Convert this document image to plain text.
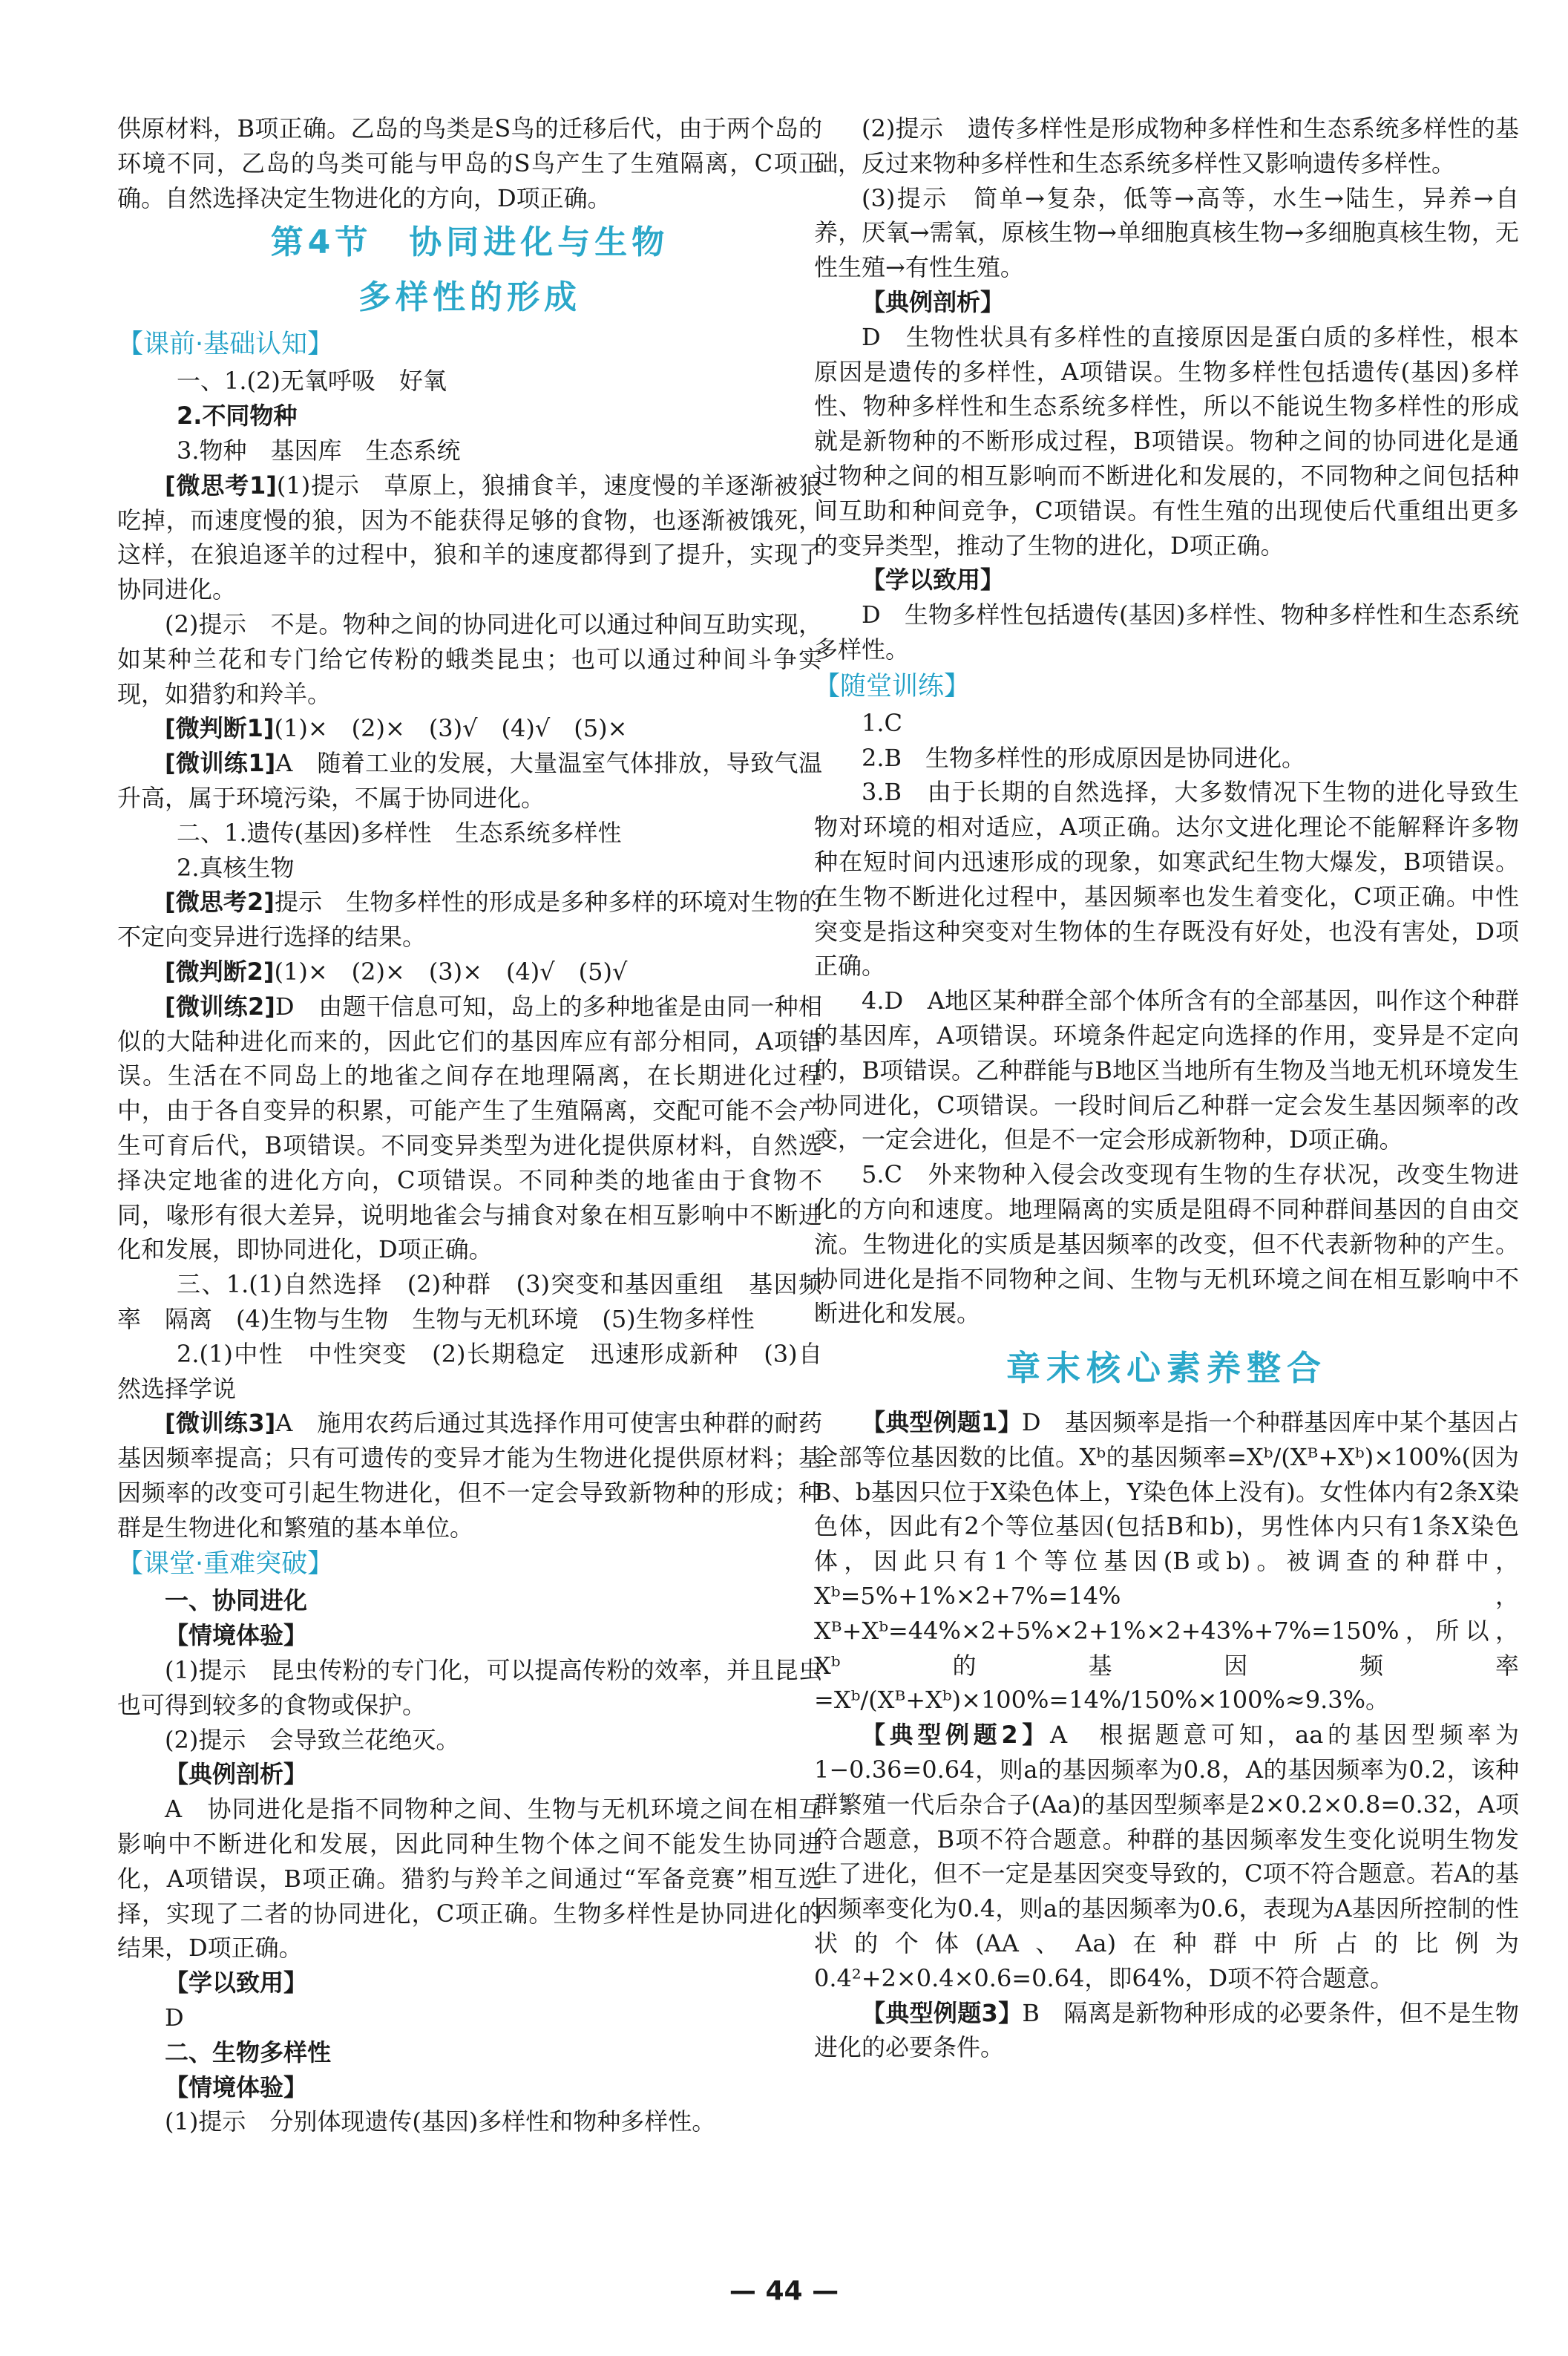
供原材料，B项正确。乙岛的鸟类是S鸟的迁移后代，由于两个岛的环境不同，乙岛的鸟类可能与甲岛的S鸟产生了生殖隔离，C项正确。自然选择决定生物进化的方向，D项正确。

第4节　协同进化与生物
多样性的形成
【课前·基础认知】

一、1.(2)无氧呼吸　好氧

2.不同物种

3.物种　基因库　生态系统

[微思考1](1)提示　草原上，狼捕食羊，速度慢的羊逐渐被狼吃掉，而速度慢的狼，因为不能获得足够的食物，也逐渐被饿死，这样，在狼追逐羊的过程中，狼和羊的速度都得到了提升，实现了协同进化。

(2)提示　不是。物种之间的协同进化可以通过种间互助实现，如某种兰花和专门给它传粉的蛾类昆虫；也可以通过种间斗争实现，如猎豹和羚羊。

[微判断1](1)×　(2)×　(3)√　(4)√　(5)×

[微训练1]A　随着工业的发展，大量温室气体排放，导致气温升高，属于环境污染，不属于协同进化。

二、1.遗传(基因)多样性　生态系统多样性

2.真核生物

[微思考2]提示　生物多样性的形成是多种多样的环境对生物的不定向变异进行选择的结果。

[微判断2](1)×　(2)×　(3)×　(4)√　(5)√

[微训练2]D　由题干信息可知，岛上的多种地雀是由同一种相似的大陆种进化而来的，因此它们的基因库应有部分相同，A项错误。生活在不同岛上的地雀之间存在地理隔离，在长期进化过程中，由于各自变异的积累，可能产生了生殖隔离，交配可能不会产生可育后代，B项错误。不同变异类型为进化提供原材料，自然选择决定地雀的进化方向，C项错误。不同种类的地雀由于食物不同，喙形有很大差异，说明地雀会与捕食对象在相互影响中不断进化和发展，即协同进化，D项正确。

三、1.(1)自然选择　(2)种群　(3)突变和基因重组　基因频率　隔离　(4)生物与生物　生物与无机环境　(5)生物多样性

2.(1)中性　中性突变　(2)长期稳定　迅速形成新种　(3)自然选择学说

[微训练3]A　施用农药后通过其选择作用可使害虫种群的耐药基因频率提高；只有可遗传的变异才能为生物进化提供原材料；基因频率的改变可引起生物进化，但不一定会导致新物种的形成；种群是生物进化和繁殖的基本单位。

【课堂·重难突破】

一、协同进化

【情境体验】

(1)提示　昆虫传粉的专门化，可以提高传粉的效率，并且昆虫也可得到较多的食物或保护。

(2)提示　会导致兰花绝灭。

【典例剖析】

A　协同进化是指不同物种之间、生物与无机环境之间在相互影响中不断进化和发展，因此同种生物个体之间不能发生协同进化，A项错误，B项正确。猎豹与羚羊之间通过“军备竞赛”相互选择，实现了二者的协同进化，C项正确。生物多样性是协同进化的结果，D项正确。

【学以致用】

D

二、生物多样性

【情境体验】

(1)提示　分别体现遗传(基因)多样性和物种多样性。

(2)提示　遗传多样性是形成物种多样性和生态系统多样性的基础，反过来物种多样性和生态系统多样性又影响遗传多样性。

(3)提示　简单→复杂，低等→高等，水生→陆生，异养→自养，厌氧→需氧，原核生物→单细胞真核生物→多细胞真核生物，无性生殖→有性生殖。

【典例剖析】

D　生物性状具有多样性的直接原因是蛋白质的多样性，根本原因是遗传的多样性，A项错误。生物多样性包括遗传(基因)多样性、物种多样性和生态系统多样性，所以不能说生物多样性的形成就是新物种的不断形成过程，B项错误。物种之间的协同进化是通过物种之间的相互影响而不断进化和发展的，不同物种之间包括种间互助和种间竞争，C项错误。有性生殖的出现使后代重组出更多的变异类型，推动了生物的进化，D项正确。

【学以致用】

D　生物多样性包括遗传(基因)多样性、物种多样性和生态系统多样性。

【随堂训练】

1.C

2.B　生物多样性的形成原因是协同进化。

3.B　由于长期的自然选择，大多数情况下生物的进化导致生物对环境的相对适应，A项正确。达尔文进化理论不能解释许多物种在短时间内迅速形成的现象，如寒武纪生物大爆发，B项错误。在生物不断进化过程中，基因频率也发生着变化，C项正确。中性突变是指这种突变对生物体的生存既没有好处，也没有害处，D项正确。

4.D　A地区某种群全部个体所含有的全部基因，叫作这个种群的基因库，A项错误。环境条件起定向选择的作用，变异是不定向的，B项错误。乙种群能与B地区当地所有生物及当地无机环境发生协同进化，C项错误。一段时间后乙种群一定会发生基因频率的改变，一定会进化，但是不一定会形成新物种，D项正确。

5.C　外来物种入侵会改变现有生物的生存状况，改变生物进化的方向和速度。地理隔离的实质是阻碍不同种群间基因的自由交流。生物进化的实质是基因频率的改变，但不代表新物种的产生。协同进化是指不同物种之间、生物与无机环境之间在相互影响中不断进化和发展。

章末核心素养整合

【典型例题1】D　基因频率是指一个种群基因库中某个基因占全部等位基因数的比值。Xᵇ的基因频率=Xᵇ/(Xᴮ+Xᵇ)×100%(因为B、b基因只位于X染色体上，Y染色体上没有)。女性体内有2条X染色体，因此有2个等位基因(包括B和b)，男性体内只有1条X染色体，因此只有1个等位基因(B或b)。被调查的种群中，Xᵇ=5%+1%×2+7%=14%，Xᴮ+Xᵇ=44%×2+5%×2+1%×2+43%+7%=150%，所以，Xᵇ的基因频率=Xᵇ/(Xᴮ+Xᵇ)×100%=14%/150%×100%≈9.3%。

【典型例题2】A　根据题意可知，aa的基因型频率为1−0.36=0.64，则a的基因频率为0.8，A的基因频率为0.2，该种群繁殖一代后杂合子(Aa)的基因型频率是2×0.2×0.8=0.32，A项符合题意，B项不符合题意。种群的基因频率发生变化说明生物发生了进化，但不一定是基因突变导致的，C项不符合题意。若A的基因频率变化为0.4，则a的基因频率为0.6，表现为A基因所控制的性状的个体(AA、Aa)在种群中所占的比例为0.4²+2×0.4×0.6=0.64，即64%，D项不符合题意。

【典型例题3】B　隔离是新物种形成的必要条件，但不是生物进化的必要条件。

— 44 —
